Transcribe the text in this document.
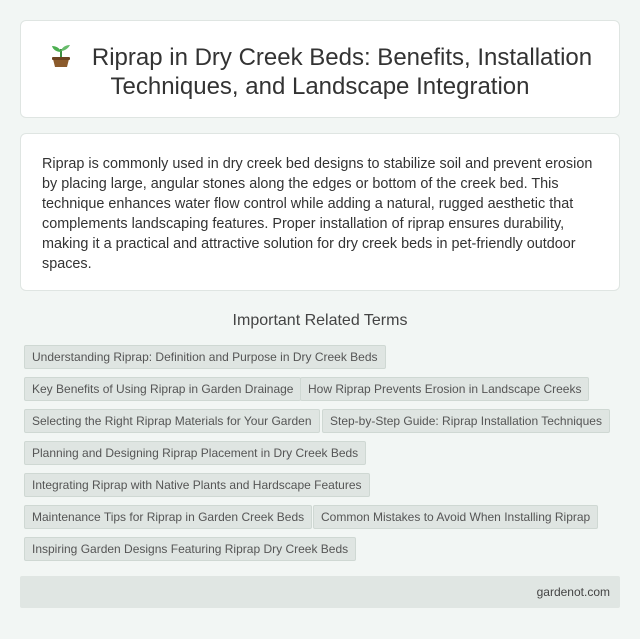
Riprap in Dry Creek Beds: Benefits, Installation Techniques, and Landscape Integration

Riprap is commonly used in dry creek bed designs to stabilize soil and prevent erosion by placing large, angular stones along the edges or bottom of the creek bed. This technique enhances water flow control while adding a natural, rugged aesthetic that complements landscaping features. Proper installation of riprap ensures durability, making it a practical and attractive solution for dry creek beds in pet-friendly outdoor spaces.

Important Related Terms
Understanding Riprap: Definition and Purpose in Dry Creek Beds
Key Benefits of Using Riprap in Garden Drainage	How Riprap Prevents Erosion in Landscape Creeks
Selecting the Right Riprap Materials for Your Garden	Step-by-Step Guide: Riprap Installation Techniques
Planning and Designing Riprap Placement in Dry Creek Beds
Integrating Riprap with Native Plants and Hardscape Features
Maintenance Tips for Riprap in Garden Creek Beds	Common Mistakes to Avoid When Installing Riprap
Inspiring Garden Designs Featuring Riprap Dry Creek Beds
gardenot.com
